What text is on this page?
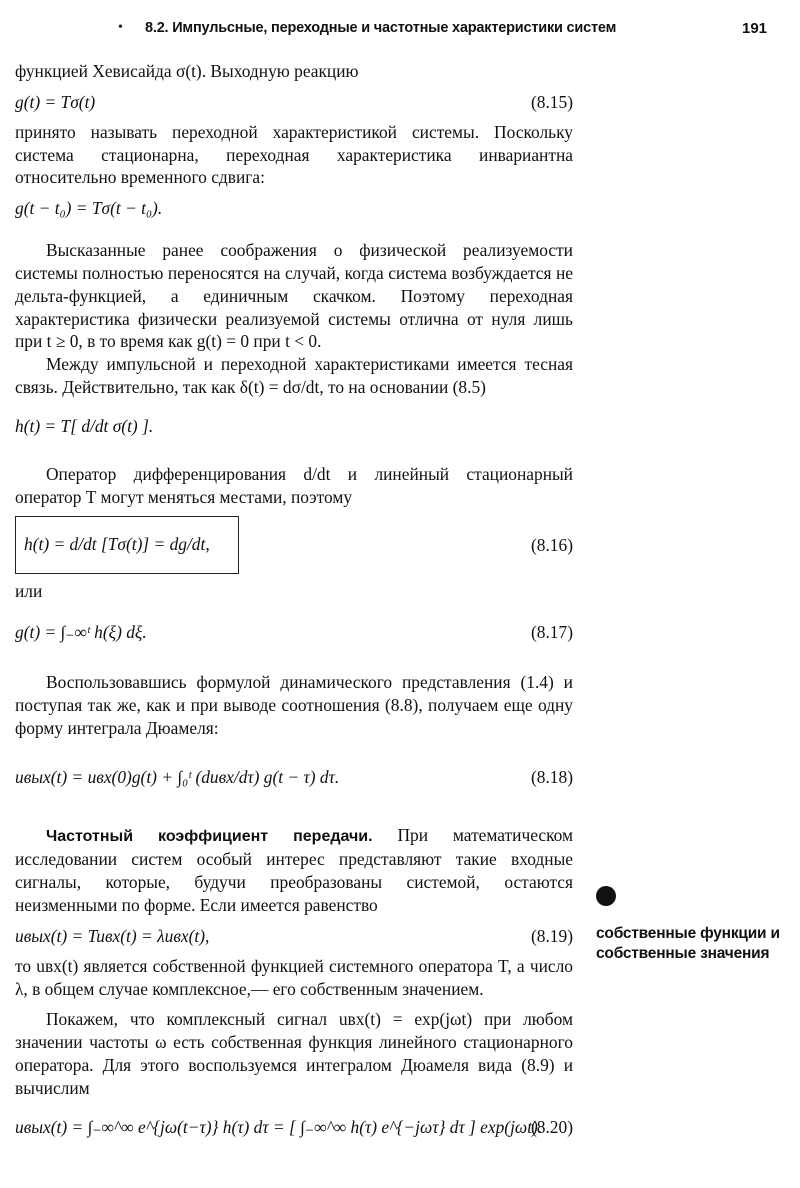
• 8.2. Импульсные, переходные и частотные характеристики систем	191

функцией Хевисайда σ(t). Выходную реакцию

g(t) = Tσ(t)	(8.15)

принято называть переходной характеристикой системы. Поскольку система стационарна, переходная характеристика инвариантна относительно временного сдвига:

g(t − t₀) = Tσ(t − t₀).

Высказанные ранее соображения о физической реализуемости системы полностью переносятся на случай, когда система возбуждается не дельта-функцией, а единичным скачком. Поэтому переходная характеристика физически реализуемой системы отлична от нуля лишь при t ≥ 0, в то время как g(t) = 0 при t < 0.

Между импульсной и переходной характеристиками имеется тесная связь. Действительно, так как δ(t) = dσ/dt, то на основании (8.5)

h(t) = T[ d/dt σ(t) ].

Оператор дифференцирования d/dt и линейный стационарный оператор T могут меняться местами, поэтому

h(t) = d/dt [Tσ(t)] = dg/dt,	(8.16)

или

g(t) = ∫₋∞ᵗ h(ξ) dξ.	(8.17)

Воспользовавшись формулой динамического представления (1.4) и поступая так же, как и при выводе соотношения (8.8), получаем еще одну форму интеграла Дюамеля:

uвых(t) = uвх(0)g(t) + ∫₀ᵗ (duвх/dτ) g(t − τ) dτ.	(8.18)

Частотный коэффициент передачи. При математическом исследовании систем особый интерес представляют такие входные сигналы, которые, будучи преобразованы системой, остаются неизменными по форме. Если имеется равенство

uвых(t) = Tuвх(t) = λuвх(t),	(8.19)

то uвх(t) является собственной функцией системного оператора T, а число λ, в общем случае комплексное,— его собственным значением.

Покажем, что комплексный сигнал uвх(t) = exp(jωt) при любом значении частоты ω есть собственная функция линейного стационарного оператора. Для этого воспользуемся интегралом Дюамеля вида (8.9) и вычислим

uвых(t) = ∫₋∞^∞ e^{jω(t−τ)} h(τ) dτ = [ ∫₋∞^∞ h(τ) e^{−jωτ} dτ ] exp(jωt).
(8.20)
собственные функции и собственные значения
